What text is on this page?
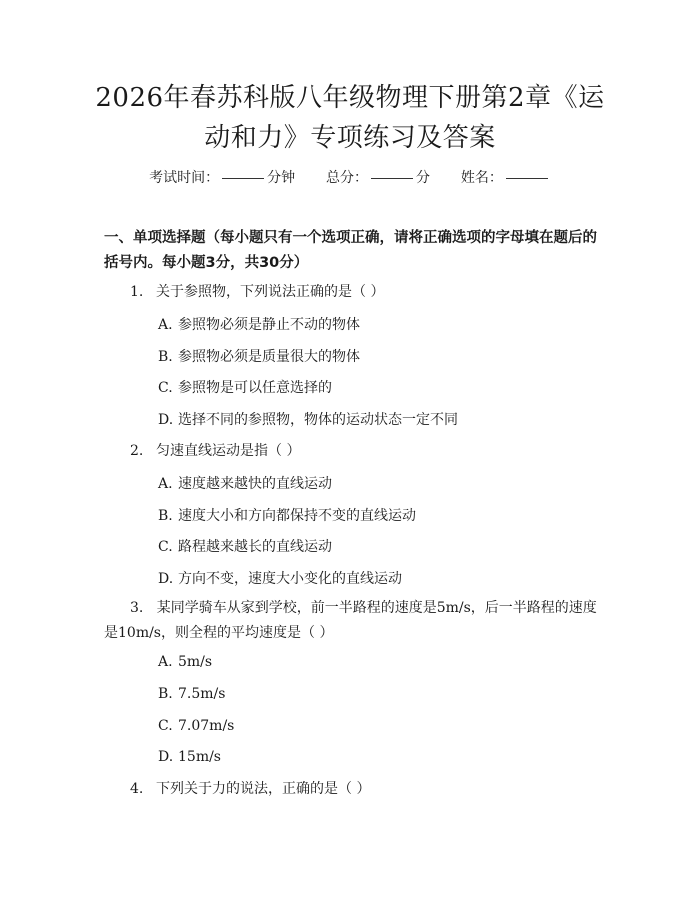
2026年春苏科版八年级物理下册第2章《运
动和力》专项练习及答案
考试时间：	分钟 总分：	分 姓名：
一、单项选择题（每小题只有一个选项正确，请将正确选项的字母填在题后的括号内。每小题3分，共30分）
1. 关于参照物，下列说法正确的是（ ）
A. 参照物必须是静止不动的物体
B. 参照物必须是质量很大的物体
C. 参照物是可以任意选择的
D. 选择不同的参照物，物体的运动状态一定不同
2. 匀速直线运动是指（ ）
A. 速度越来越快的直线运动
B. 速度大小和方向都保持不变的直线运动
C. 路程越来越长的直线运动
D. 方向不变，速度大小变化的直线运动
3. 某同学骑车从家到学校，前一半路程的速度是5m/s，后一半路程的速度是10m/s，则全程的平均速度是（ ）
A. 5m/s
B. 7.5m/s
C. 7.07m/s
D. 15m/s
4. 下列关于力的说法，正确的是（ ）
